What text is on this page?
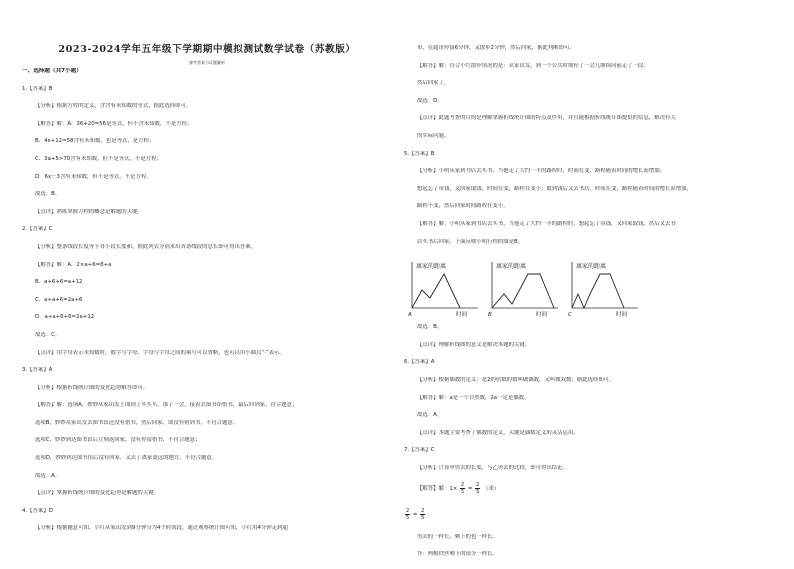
2023-2024学年五年级下学期期中模拟测试数学试卷（苏教版）
参考答案与试题解析
一、选择题（共7小题）
1.【答案】B
【分析】根据方程的定义，含含有未知数的等式，据此选择即可。
【解答】解：A．36+20=56是等式，但不含未知数，不是方程；
B．4x+12=58含有未知数，也是等式，是方程；
C．3a+5>70含有未知数，但不是等式，不是方程；
D．6x－3含有未知数，但不是等式，不是方程。
故选：B。
【点评】熟练掌握方程的概念是解题的关键。
2.【答案】C
【分析】整条线段长度等于各小段长度和，据此列式分别求出各条线段的总长即可得出答案。
【解答】解：A．2×a+6=8+a
B．a+6+6=a+12
C．a+a+6=2a+6
D．a+a+6+6=2a+12
故选：C。
【点评】用字母表示未知数时，数字与字母、字母与字母之间的乘号可以省略，也可以用小圆点“·”表示。
3.【答案】A
【分析】根据折线统计图的变化趋势解答即可。
【解答】解：选项A，妙妙从家出发上图到了买买买，那了一会，接着去图书馆借书，最后回到家，符合题意；
选项B，妙妙从家出发去图书馆还没有借书，然后回家，即没有借到书，不符合题意；
选项C，妙妙到达图书馆后立刻返回家，没有停留借书，不符合题意；
选项D，妙妙到达图书馆后没有回家，又去了离家更远的地方，不符合题意。
故选：A。
【点评】掌握折线统计图的变化趋势是解题的关键。
4.【答案】D
【分析】根据题意可知，小红从家出发到9分钟分为4个时间段，通过观察统计图可知，小红用4分钟走到超
市，在超市停留6分钟，又散步2分钟，然后回家，据此判断即可。
【解答】解：符合小红散步情况的是：从家出发，到一个公共时期停了一会儿继续向前走了一段，
然后回家了。
故选：D。
【点评】此题考查的目的是理解掌握折线统计图的特点及作用，并且能根据折线统计图提供的信息，解决有关
的实际问题。
5.【答案】B
【分析】小明从家到书店去买书，当他走了大约一半的路程时，时间在变，路程随着时间的增长而增加；
想起忘了带钱，又回家取钱，时间在变，路程在变小；取到钱后又去书店，时间在变，路程随着时间的增长而增加，
路程不变，然后回家时间路程在变小。
【解答】解：小明从家到书店去买书，当他走了大约一半的路程时，想起忘了带钱，又回家取钱，然后又去书
店买书后回家，下面反映小明行程的图是B。
离家的距离
时间
A
离家的距离
时间
B
离家的距离
时间
C
故选：B。
【点评】理解折线图的意义是解决本题的关键。
6.【答案】A
【分析】根据偶数的定义：是2的倍数的数叫做偶数，又叫做双数；据此选择即可。
【解答】解：a是一个自然数，2a一定是偶数。
故选：A。
【点评】本题主要考查了偶数的定义，关键是偶数定义的灵活运用。
7.【答案】C
【分析】计算甲剪去的长度，与乙剪去的比较，即可得出结论。
【解答】解：$1\times \frac{2}{5} = \frac{2}{5}$ （米）
$\frac{2}{5} = \frac{2}{5}$
剪去的一样长，剩下的也一样长。
答：两根铁丝剩下的部分一样长。
